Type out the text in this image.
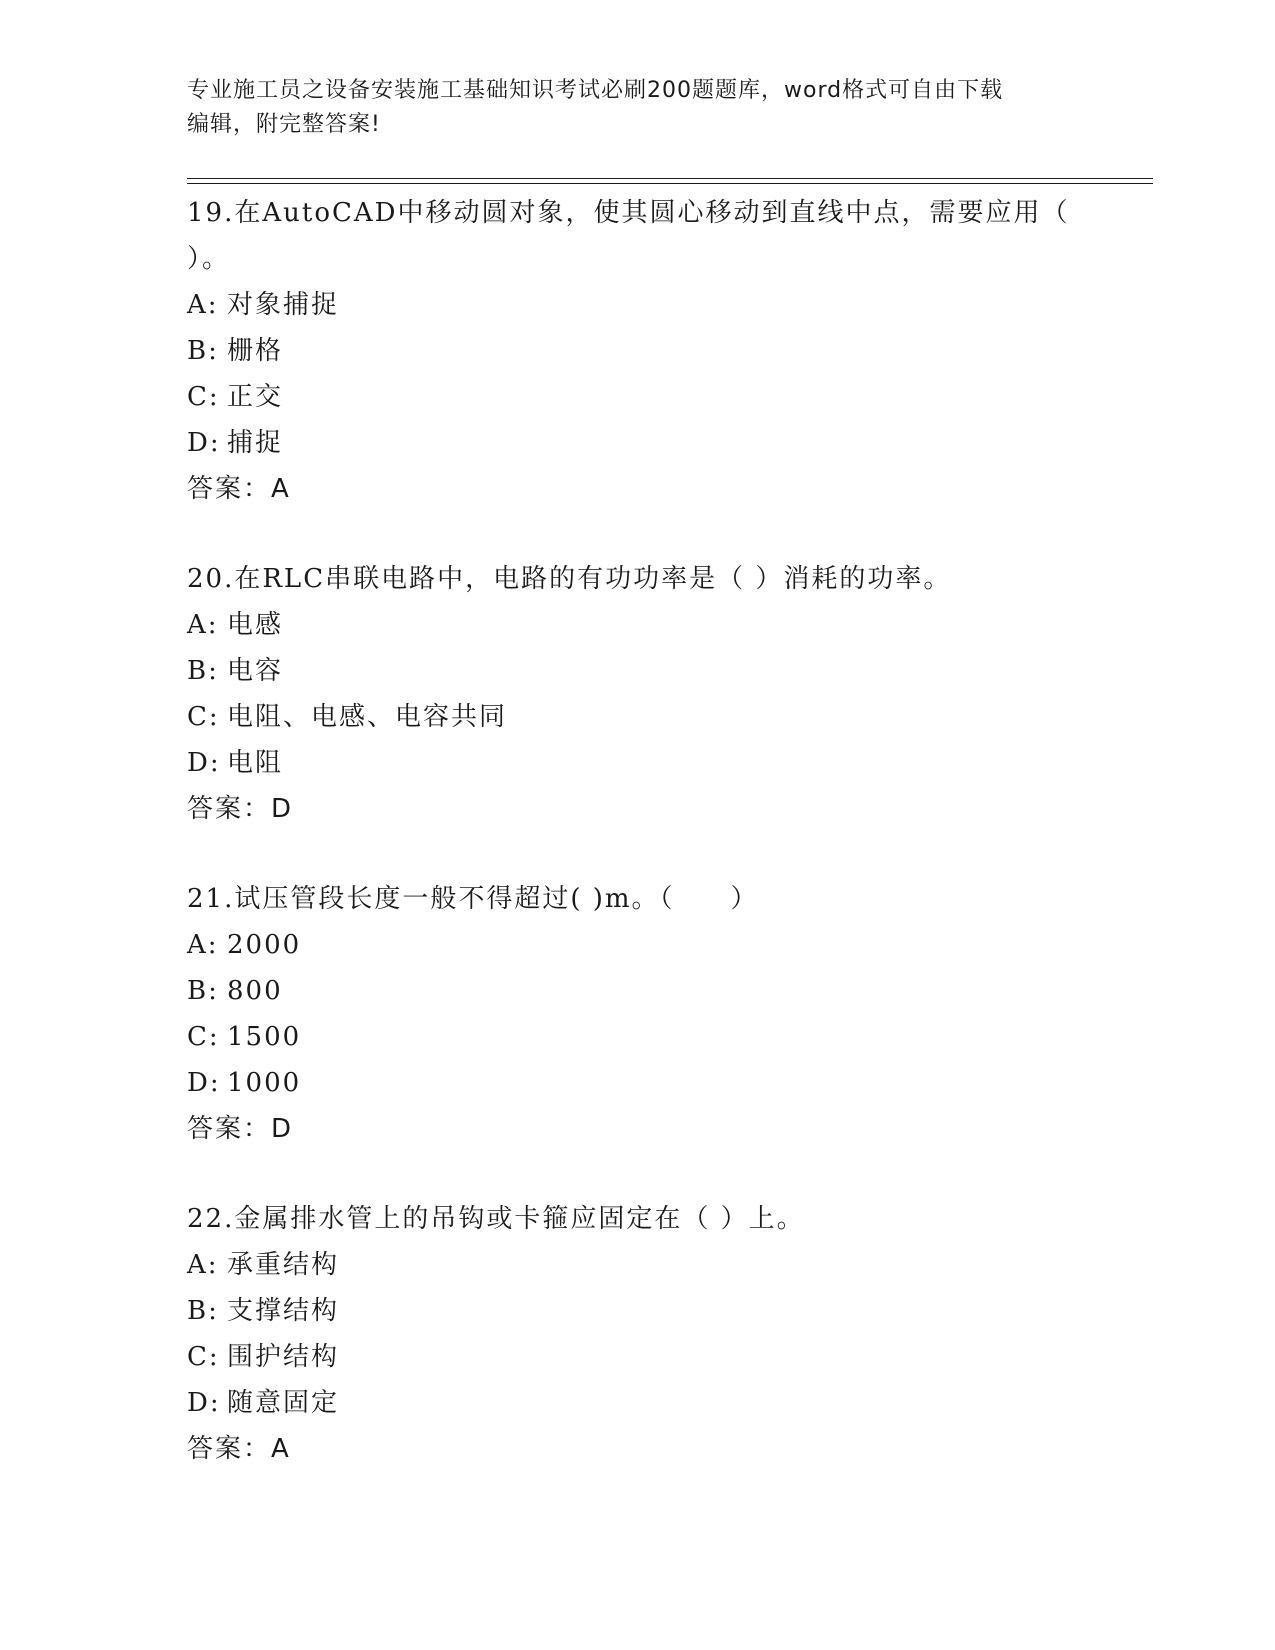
专业施工员之设备安装施工基础知识考试必刷200题题库，word格式可自由下载
编辑，附完整答案!
19.在AutoCAD中移动圆对象，使其圆心移动到直线中点，需要应用（
）。
A: 对象捕捉
B: 栅格
C: 正交
D: 捕捉
答案：A
20.在RLC串联电路中，电路的有功功率是（ ）消耗的功率。
A: 电感
B: 电容
C: 电阻、电感、电容共同
D: 电阻
答案：D
21.试压管段长度一般不得超过( )m。（　　）
A: 2000
B: 800
C: 1500
D: 1000
答案：D
22.金属排水管上的吊钩或卡箍应固定在（ ）上。
A: 承重结构
B: 支撑结构
C: 围护结构
D: 随意固定
答案：A
